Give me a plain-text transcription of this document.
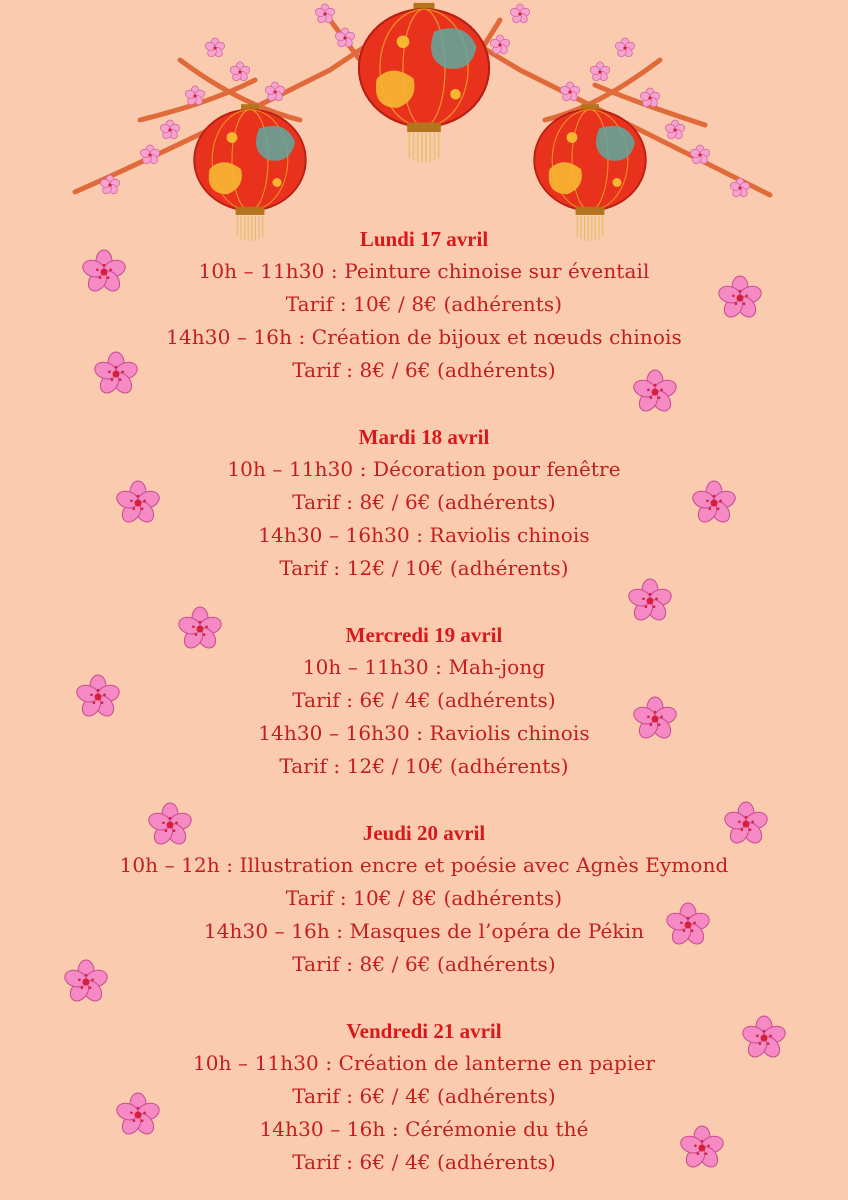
Lundi 17 avril
10h – 11h30 : Peinture chinoise sur éventail
Tarif : 10€ / 8€ (adhérents)
14h30 – 16h : Création de bijoux et nœuds chinois
Tarif : 8€ / 6€ (adhérents)
Mardi 18 avril
10h – 11h30 : Décoration pour fenêtre
Tarif : 8€ / 6€ (adhérents)
14h30 – 16h30 : Raviolis chinois
Tarif : 12€ / 10€ (adhérents)
Mercredi 19 avril
10h – 11h30 : Mah-jong
Tarif : 6€ / 4€ (adhérents)
14h30 – 16h30 : Raviolis chinois
Tarif : 12€ / 10€ (adhérents)
Jeudi 20 avril
10h – 12h : Illustration encre et poésie avec Agnès Eymond
Tarif : 10€ / 8€ (adhérents)
14h30 – 16h : Masques de l’opéra de Pékin
Tarif : 8€ / 6€ (adhérents)
Vendredi 21 avril
10h – 11h30 : Création de lanterne en papier
Tarif : 6€ / 4€ (adhérents)
14h30 – 16h : Cérémonie du thé
Tarif : 6€ / 4€ (adhérents)
